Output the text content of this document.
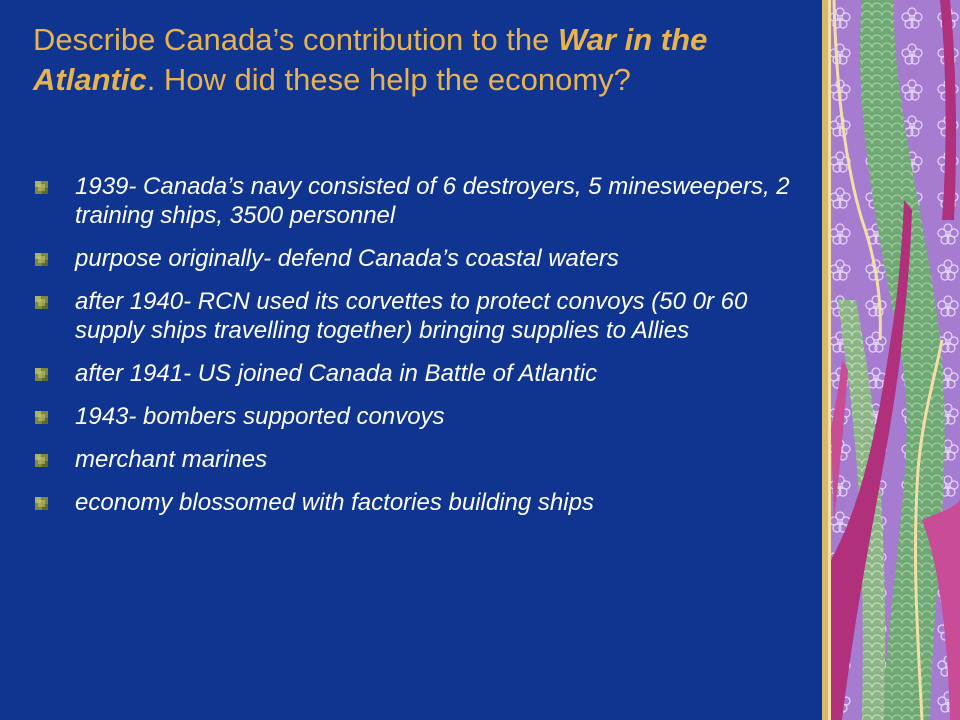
Describe Canada’s contribution to the War in the Atlantic. How did these help the economy?
1939- Canada’s navy consisted of 6 destroyers, 5 minesweepers, 2 training ships, 3500 personnel
purpose originally- defend Canada’s coastal waters
after 1940- RCN used its corvettes to protect convoys (50 0r 60 supply ships travelling together) bringing supplies to Allies
after 1941- US joined Canada in Battle of Atlantic
1943- bombers supported convoys
merchant marines
economy blossomed with factories building ships
